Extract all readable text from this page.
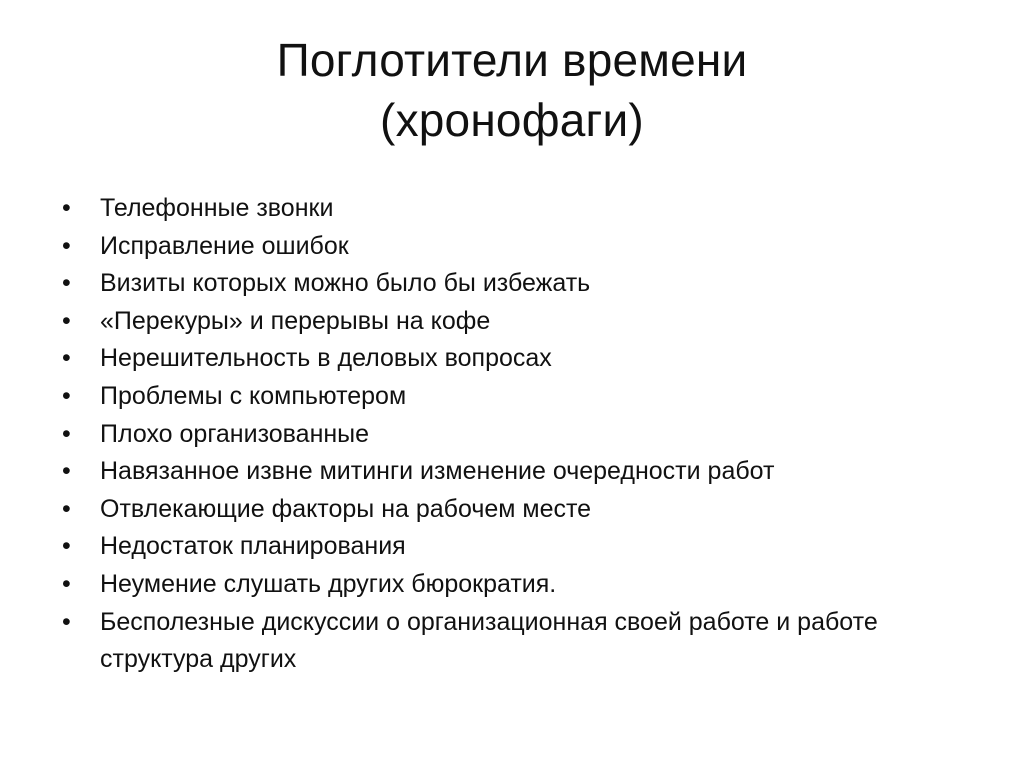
Поглотители времени
(хронофаги)
• Телефонные звонки
• Исправление ошибок
• Визиты которых можно было бы избежать
• «Перекуры» и перерывы на кофе
• Нерешительность в деловых вопросах
• Проблемы с компьютером
• Плохо организованные
• Навязанное извне митинги изменение очередности работ
• Отвлекающие факторы на рабочем месте
• Недостаток планирования
• Неумение слушать других бюрократия.
• Бесполезные дискуссии о организационная своей работе и работе структура других
